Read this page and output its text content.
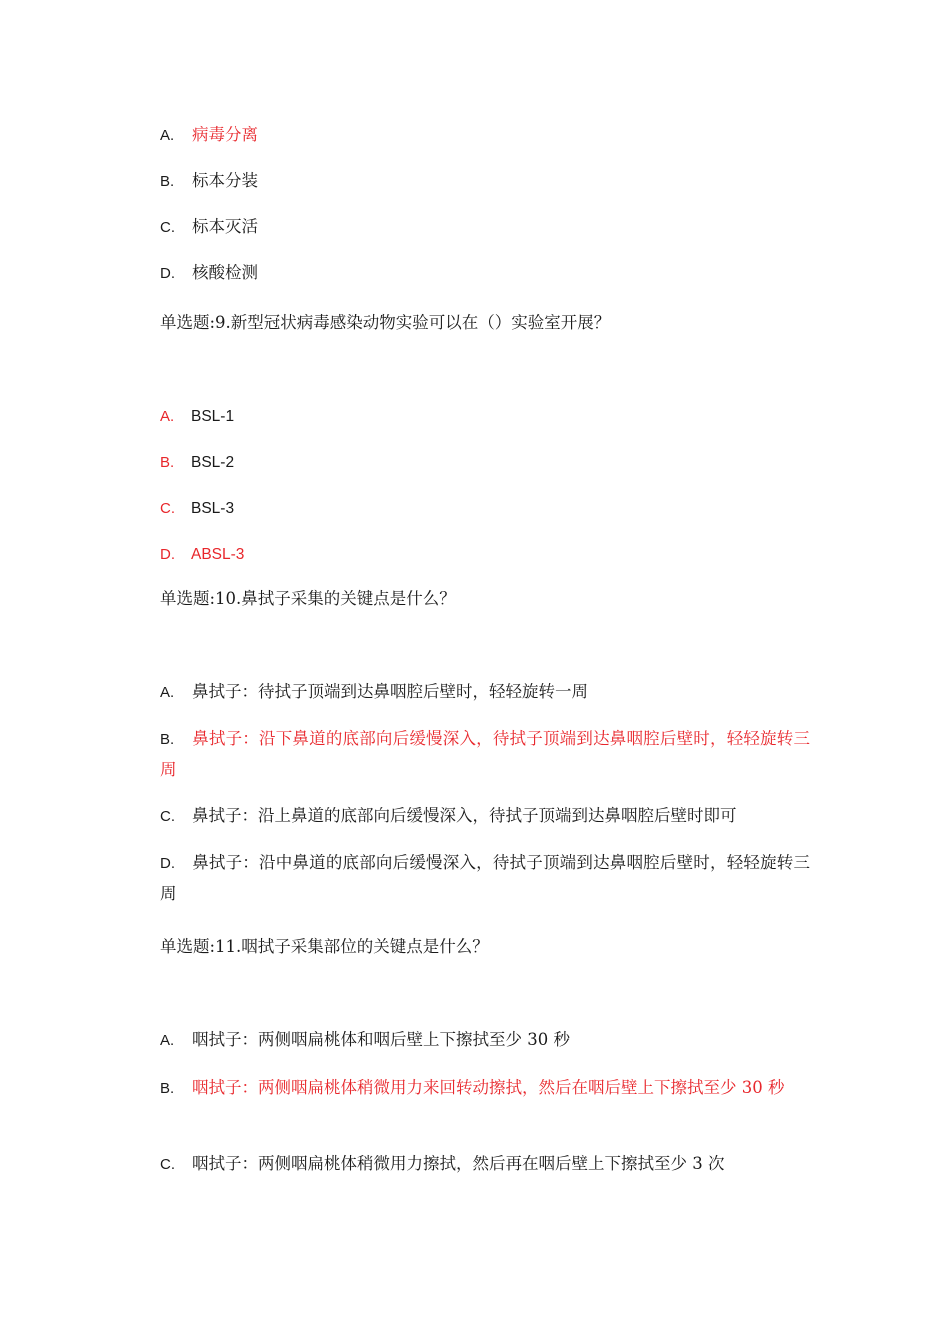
A. 病毒分离
B. 标本分装
C. 标本灭活
D. 核酸检测
单选题:9.新型冠状病毒感染动物实验可以在（）实验室开展？
A. BSL-1
B. BSL-2
C. BSL-3
D. ABSL-3
单选题:10.鼻拭子采集的关键点是什么？
A. 鼻拭子：待拭子顶端到达鼻咽腔后壁时，轻轻旋转一周
B. 鼻拭子：沿下鼻道的底部向后缓慢深入，待拭子顶端到达鼻咽腔后壁时，轻轻旋转三周
C. 鼻拭子：沿上鼻道的底部向后缓慢深入，待拭子顶端到达鼻咽腔后壁时即可
D. 鼻拭子：沿中鼻道的底部向后缓慢深入，待拭子顶端到达鼻咽腔后壁时，轻轻旋转三周
单选题:11.咽拭子采集部位的关键点是什么？
A. 咽拭子：两侧咽扁桃体和咽后壁上下擦拭至少 30 秒
B. 咽拭子：两侧咽扁桃体稍微用力来回转动擦拭，然后在咽后壁上下擦拭至少 30 秒
C. 咽拭子：两侧咽扁桃体稍微用力擦拭，然后再在咽后壁上下擦拭至少 3 次
